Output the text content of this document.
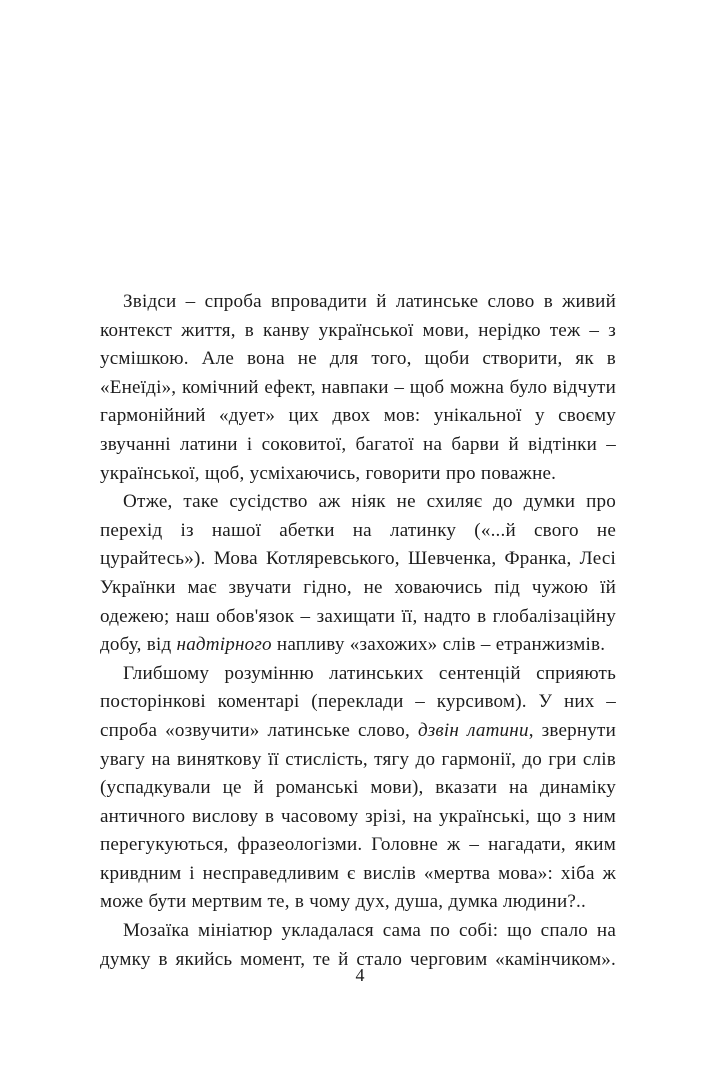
Звідси – спроба впровадити й латинське слово в живий контекст життя, в канву української мови, нерідко теж – з усмішкою. Але вона не для того, щоби створити, як в «Енеїді», комічний ефект, навпаки – щоб можна було відчути гармонійний «дует» цих двох мов: унікальної у своєму звучанні латини і соковитої, багатої на барви й відтінки – української, щоб, усміхаючись, говорити про поважне.

Отже, таке сусідство аж ніяк не схиляє до думки про перехід із нашої абетки на латинку («...й свого не цурайтесь»). Мова Котляревського, Шевченка, Франка, Лесі Українки має звучати гідно, не ховаючись під чужою їй одежею; наш обов'язок – захищати її, надто в глобалізаційну добу, від надmірного напливу «захожих» слів – етранжизмів.

Глибшому розумінню латинських сентенцій сприяють посторінкові коментарі (переклади – курсивом). У них – спроба «озвучити» латинське слово, дзвін латини, звернути увагу на винятковy її стислість, тягу до гармонії, до гри слів (успадкували це й романські мови), вказати на динаміку античного вислову в часовому зрізі, на українські, що з ним перегукуються, фразеологізми. Головне ж – нагадати, яким кривдним і несправедливим є вислів «мертва мова»: хіба ж може бути мертвим те, в чому дух, душа, думка людини?..

Мозаїка мініатюр укладалася сама по собі: що спало на думку в якийсь момент, те й стало черговим «камінчиком».

4
